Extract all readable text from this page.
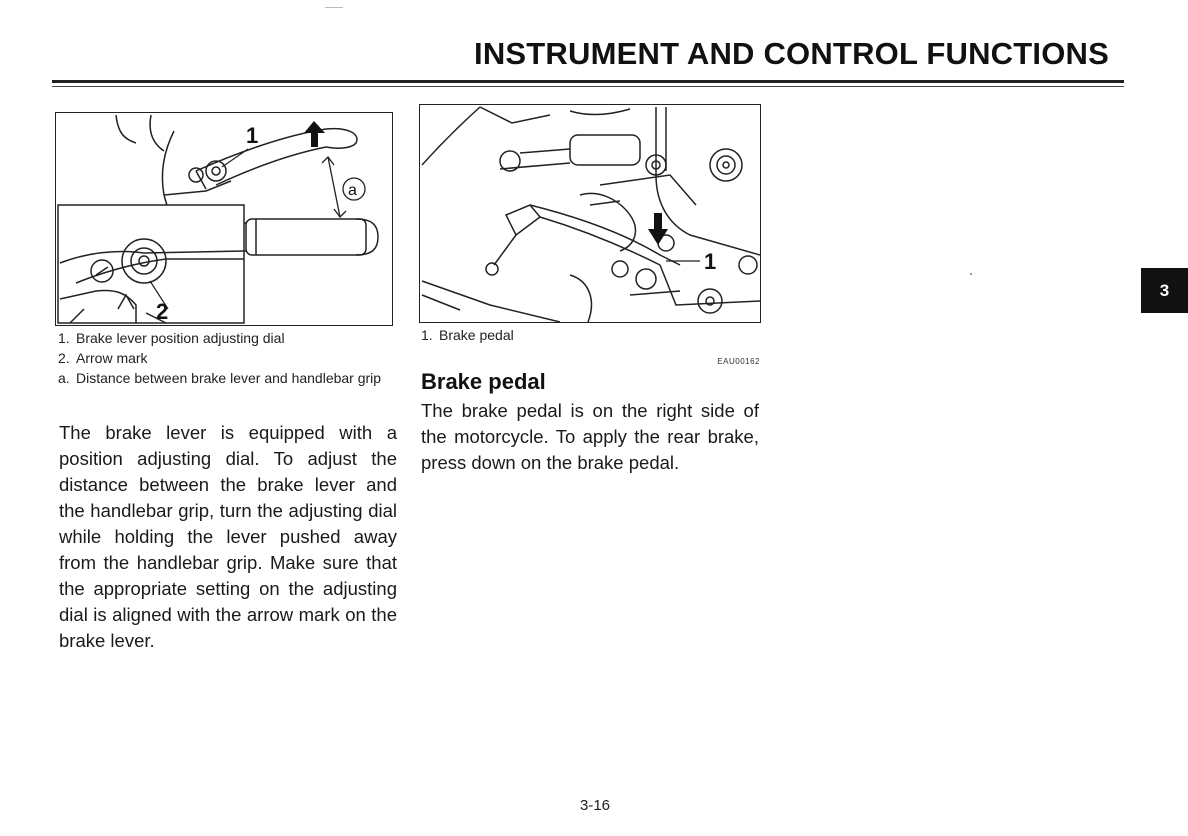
INSTRUMENT AND CONTROL FUNCTIONS
1
a
2
1. Brake lever position adjusting dial
2. Arrow mark
a. Distance between brake lever and handlebar grip
The brake lever is equipped with a position adjusting dial. To adjust the distance between the brake lever and the handlebar grip, turn the adjusting dial while holding the lever pushed away from the handlebar grip. Make sure that the appropriate setting on the adjusting dial is aligned with the arrow mark on the brake lever.
1
1. Brake pedal
EAU00162
Brake pedal
The brake pedal is on the right side of the motorcycle. To apply the rear brake, press down on the brake pedal.
3
3-16
